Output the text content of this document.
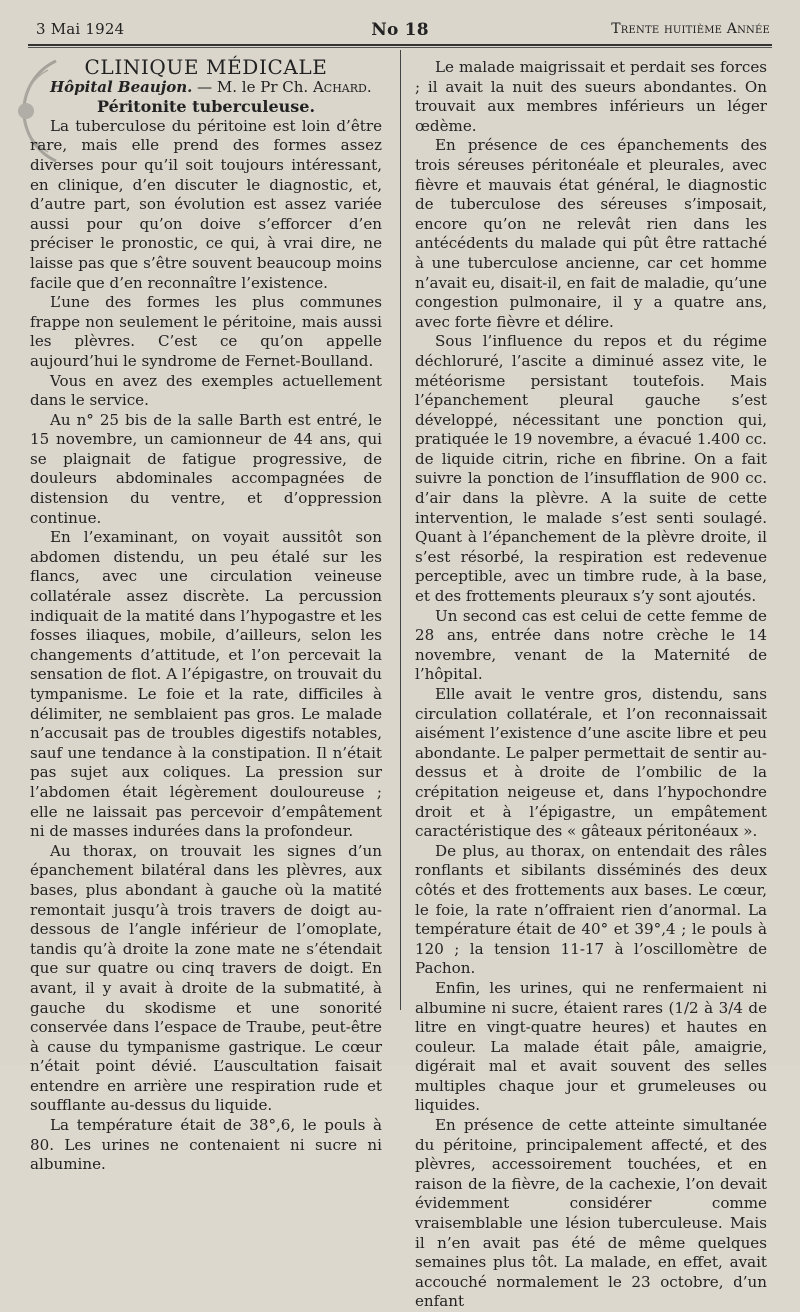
3 Mai 1924	No 18	Trente huitième Année

CLINIQUE MÉDICALE

Hôpital Beaujon. — M. le Pr Ch. Achard.

Péritonite tuberculeuse.

La tuberculose du péritoine est loin d’être rare, mais elle prend des formes assez diverses pour qu’il soit toujours intéressant, en clinique, d’en discuter le diagnostic, et, d’autre part, son évolution est assez variée aussi pour qu’on doive s’efforcer d’en préciser le pronostic, ce qui, à vrai dire, ne laisse pas que s’être souvent beaucoup moins facile que d’en reconnaître l’existence.

L’une des formes les plus communes frappe non seulement le péritoine, mais aussi les plèvres. C’est ce qu’on appelle aujourd’hui le syndrome de Fernet-Boulland.

Vous en avez des exemples actuellement dans le service.

Au n° 25 bis de la salle Barth est entré, le 15 novembre, un camionneur de 44 ans, qui se plaignait de fatigue progressive, de douleurs abdominales accompagnées de distension du ventre, et d’oppression continue.

En l’examinant, on voyait aussitôt son abdomen distendu, un peu étalé sur les flancs, avec une circulation veineuse collatérale assez discrète. La percussion indiquait de la matité dans l’hypogastre et les fosses iliaques, mobile, d’ailleurs, selon les changements d’attitude, et l’on percevait la sensation de flot. A l’épigastre, on trouvait du tympanisme. Le foie et la rate, difficiles à délimiter, ne semblaient pas gros. Le malade n’accusait pas de troubles digestifs notables, sauf une tendance à la constipation. Il n’était pas sujet aux coliques. La pression sur l’abdomen était légèrement douloureuse ; elle ne laissait pas percevoir d’empâtement ni de masses indurées dans la profondeur.

Au thorax, on trouvait les signes d’un épanchement bilatéral dans les plèvres, aux bases, plus abondant à gauche où la matité remontait jusqu’à trois travers de doigt au-dessous de l’angle inférieur de l’omoplate, tandis qu’à droite la zone mate ne s’étendait que sur quatre ou cinq travers de doigt. En avant, il y avait à droite de la submatité, à gauche du skodisme et une sonorité conservée dans l’espace de Traube, peut-être à cause du tympanisme gastrique. Le cœur n’était point dévié. L’auscultation faisait entendre en arrière une respiration rude et soufflante au-dessus du liquide.

La température était de 38°,6, le pouls à 80. Les urines ne contenaient ni sucre ni albumine.

Le malade maigrissait et perdait ses forces ; il avait la nuit des sueurs abondantes. On trouvait aux membres inférieurs un léger œdème.

En présence de ces épanchements des trois séreuses péritonéale et pleurales, avec fièvre et mauvais état général, le diagnostic de tuberculose des séreuses s’imposait, encore qu’on ne relevât rien dans les antécédents du malade qui pût être rattaché à une tuberculose ancienne, car cet homme n’avait eu, disait-il, en fait de maladie, qu’une congestion pulmonaire, il y a quatre ans, avec forte fièvre et délire.

Sous l’influence du repos et du régime déchloruré, l’ascite a diminué assez vite, le météorisme persistant toutefois. Mais l’épanchement pleural gauche s’est développé, nécessitant une ponction qui, pratiquée le 19 novembre, a évacué 1.400 cc. de liquide citrin, riche en fibrine. On a fait suivre la ponction de l’insufflation de 900 cc. d’air dans la plèvre. A la suite de cette intervention, le malade s’est senti soulagé. Quant à l’épanchement de la plèvre droite, il s’est résorbé, la respiration est redevenue perceptible, avec un timbre rude, à la base, et des frottements pleuraux s’y sont ajoutés.

Un second cas est celui de cette femme de 28 ans, entrée dans notre crèche le 14 novembre, venant de la Maternité de l’hôpital.

Elle avait le ventre gros, distendu, sans circulation collatérale, et l’on reconnaissait aisément l’existence d’une ascite libre et peu abondante. Le palper permettait de sentir au-dessus et à droite de l’ombilic de la crépitation neigeuse et, dans l’hypochondre droit et à l’épigastre, un empâtement caractéristique des « gâteaux péritonéaux ».

De plus, au thorax, on entendait des râles ronflants et sibilants disséminés des deux côtés et des frottements aux bases. Le cœur, le foie, la rate n’offraient rien d’anormal. La température était de 40° et 39°,4 ; le pouls à 120 ; la tension 11-17 à l’oscillomètre de Pachon.

Enfin, les urines, qui ne renfermaient ni albumine ni sucre, étaient rares (1/2 à 3/4 de litre en vingt-quatre heures) et hautes en couleur. La malade était pâle, amaigrie, digérait mal et avait souvent des selles multiples chaque jour et grumeleuses ou liquides.

En présence de cette atteinte simultanée du péritoine, principalement affecté, et des plèvres, accessoirement touchées, et en raison de la fièvre, de la cachexie, l’on devait évidemment considérer comme vraisemblable une lésion tuberculeuse. Mais il n’en avait pas été de même quelques semaines plus tôt. La malade, en effet, avait accouché normalement le 23 octobre, d’un enfant
